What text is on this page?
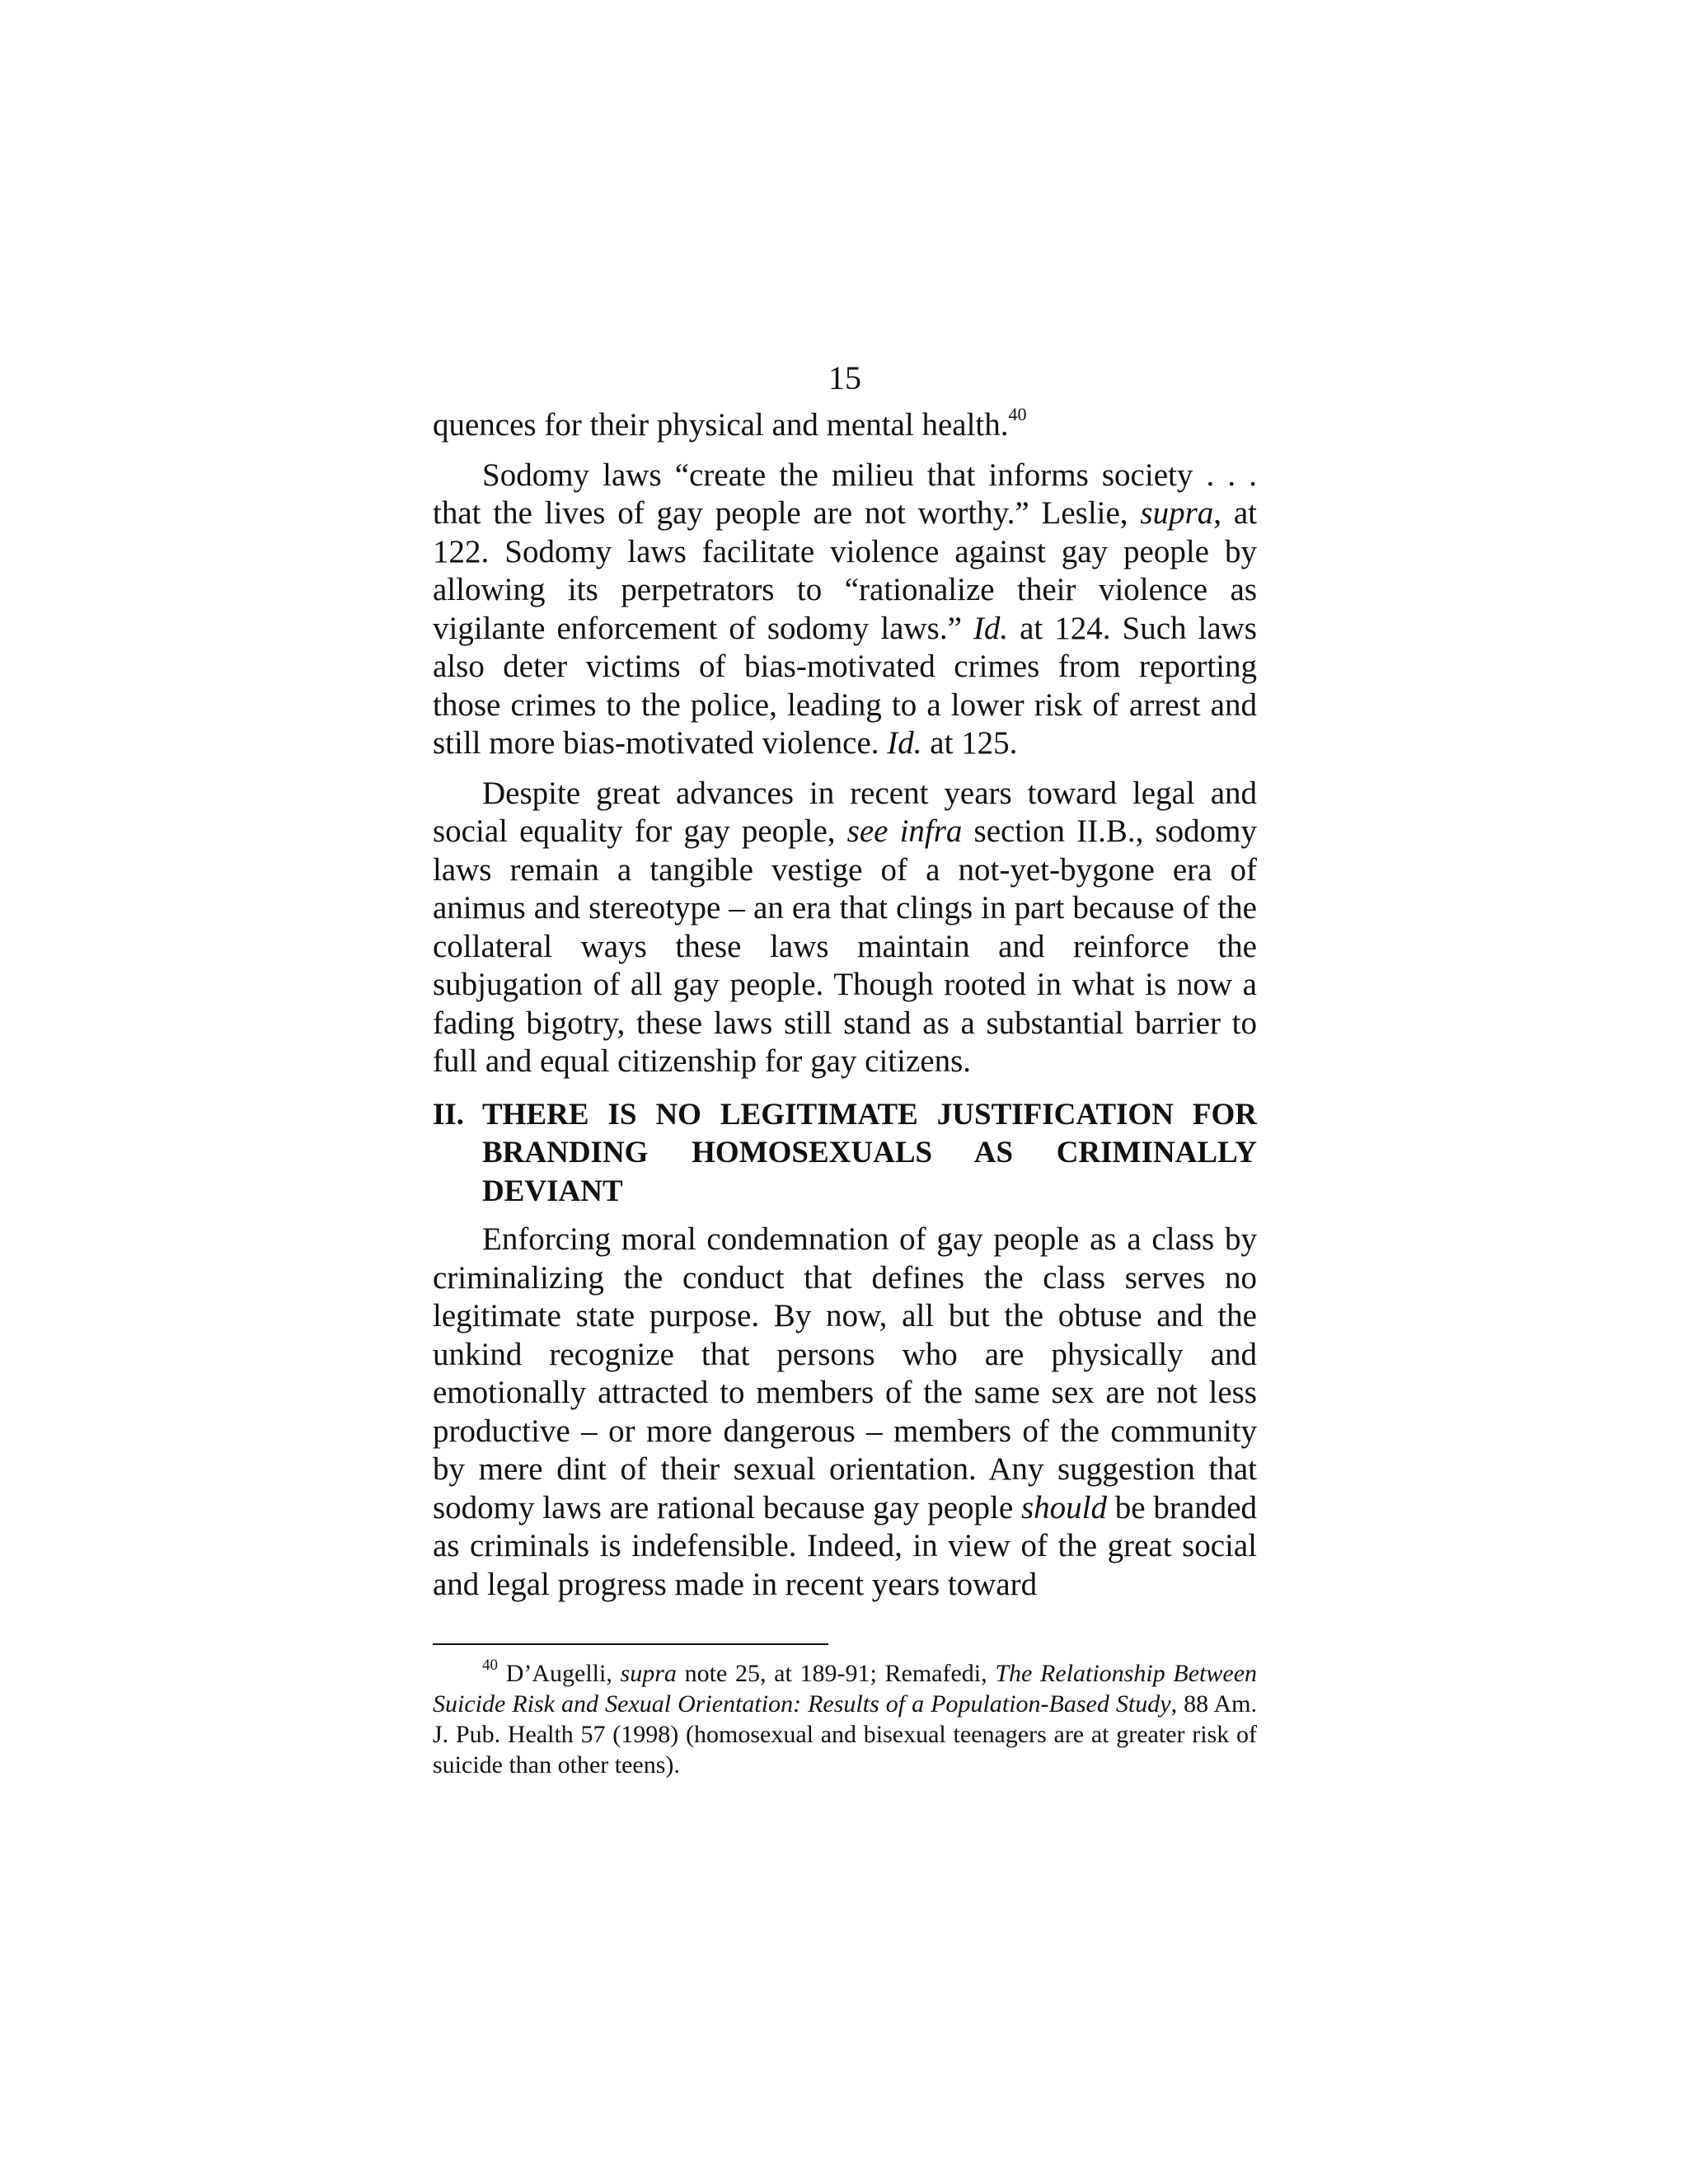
15

quences for their physical and mental health.$^{40}$

Sodomy laws “create the milieu that informs society . . . that the lives of gay people are not worthy.” Leslie, supra, at 122. Sodomy laws facilitate violence against gay people by allowing its perpetrators to “rationalize their violence as vigilante enforcement of sodomy laws.” Id. at 124. Such laws also deter victims of bias-motivated crimes from reporting those crimes to the police, leading to a lower risk of arrest and still more bias-motivated violence. Id. at 125.

Despite great advances in recent years toward legal and social equality for gay people, see infra section II.B., sodomy laws remain a tangible vestige of a not-yet-bygone era of animus and stereotype – an era that clings in part because of the collateral ways these laws maintain and reinforce the subjugation of all gay people. Though rooted in what is now a fading bigotry, these laws still stand as a substantial barrier to full and equal citizenship for gay citizens.

II. THERE IS NO LEGITIMATE JUSTIFICATION FOR BRANDING HOMOSEXUALS AS CRIMINALLY DEVIANT

Enforcing moral condemnation of gay people as a class by criminalizing the conduct that defines the class serves no legitimate state purpose. By now, all but the obtuse and the unkind recognize that persons who are physically and emotionally attracted to members of the same sex are not less productive – or more dangerous – members of the community by mere dint of their sexual orientation. Any suggestion that sodomy laws are rational because gay people should be branded as criminals is indefensible. Indeed, in view of the great social and legal progress made in recent years toward

$^{40}$ D’Augelli, supra note 25, at 189-91; Remafedi, The Relationship Between Suicide Risk and Sexual Orientation: Results of a Population-Based Study, 88 Am. J. Pub. Health 57 (1998) (homosexual and bisexual teenagers are at greater risk of suicide than other teens).
